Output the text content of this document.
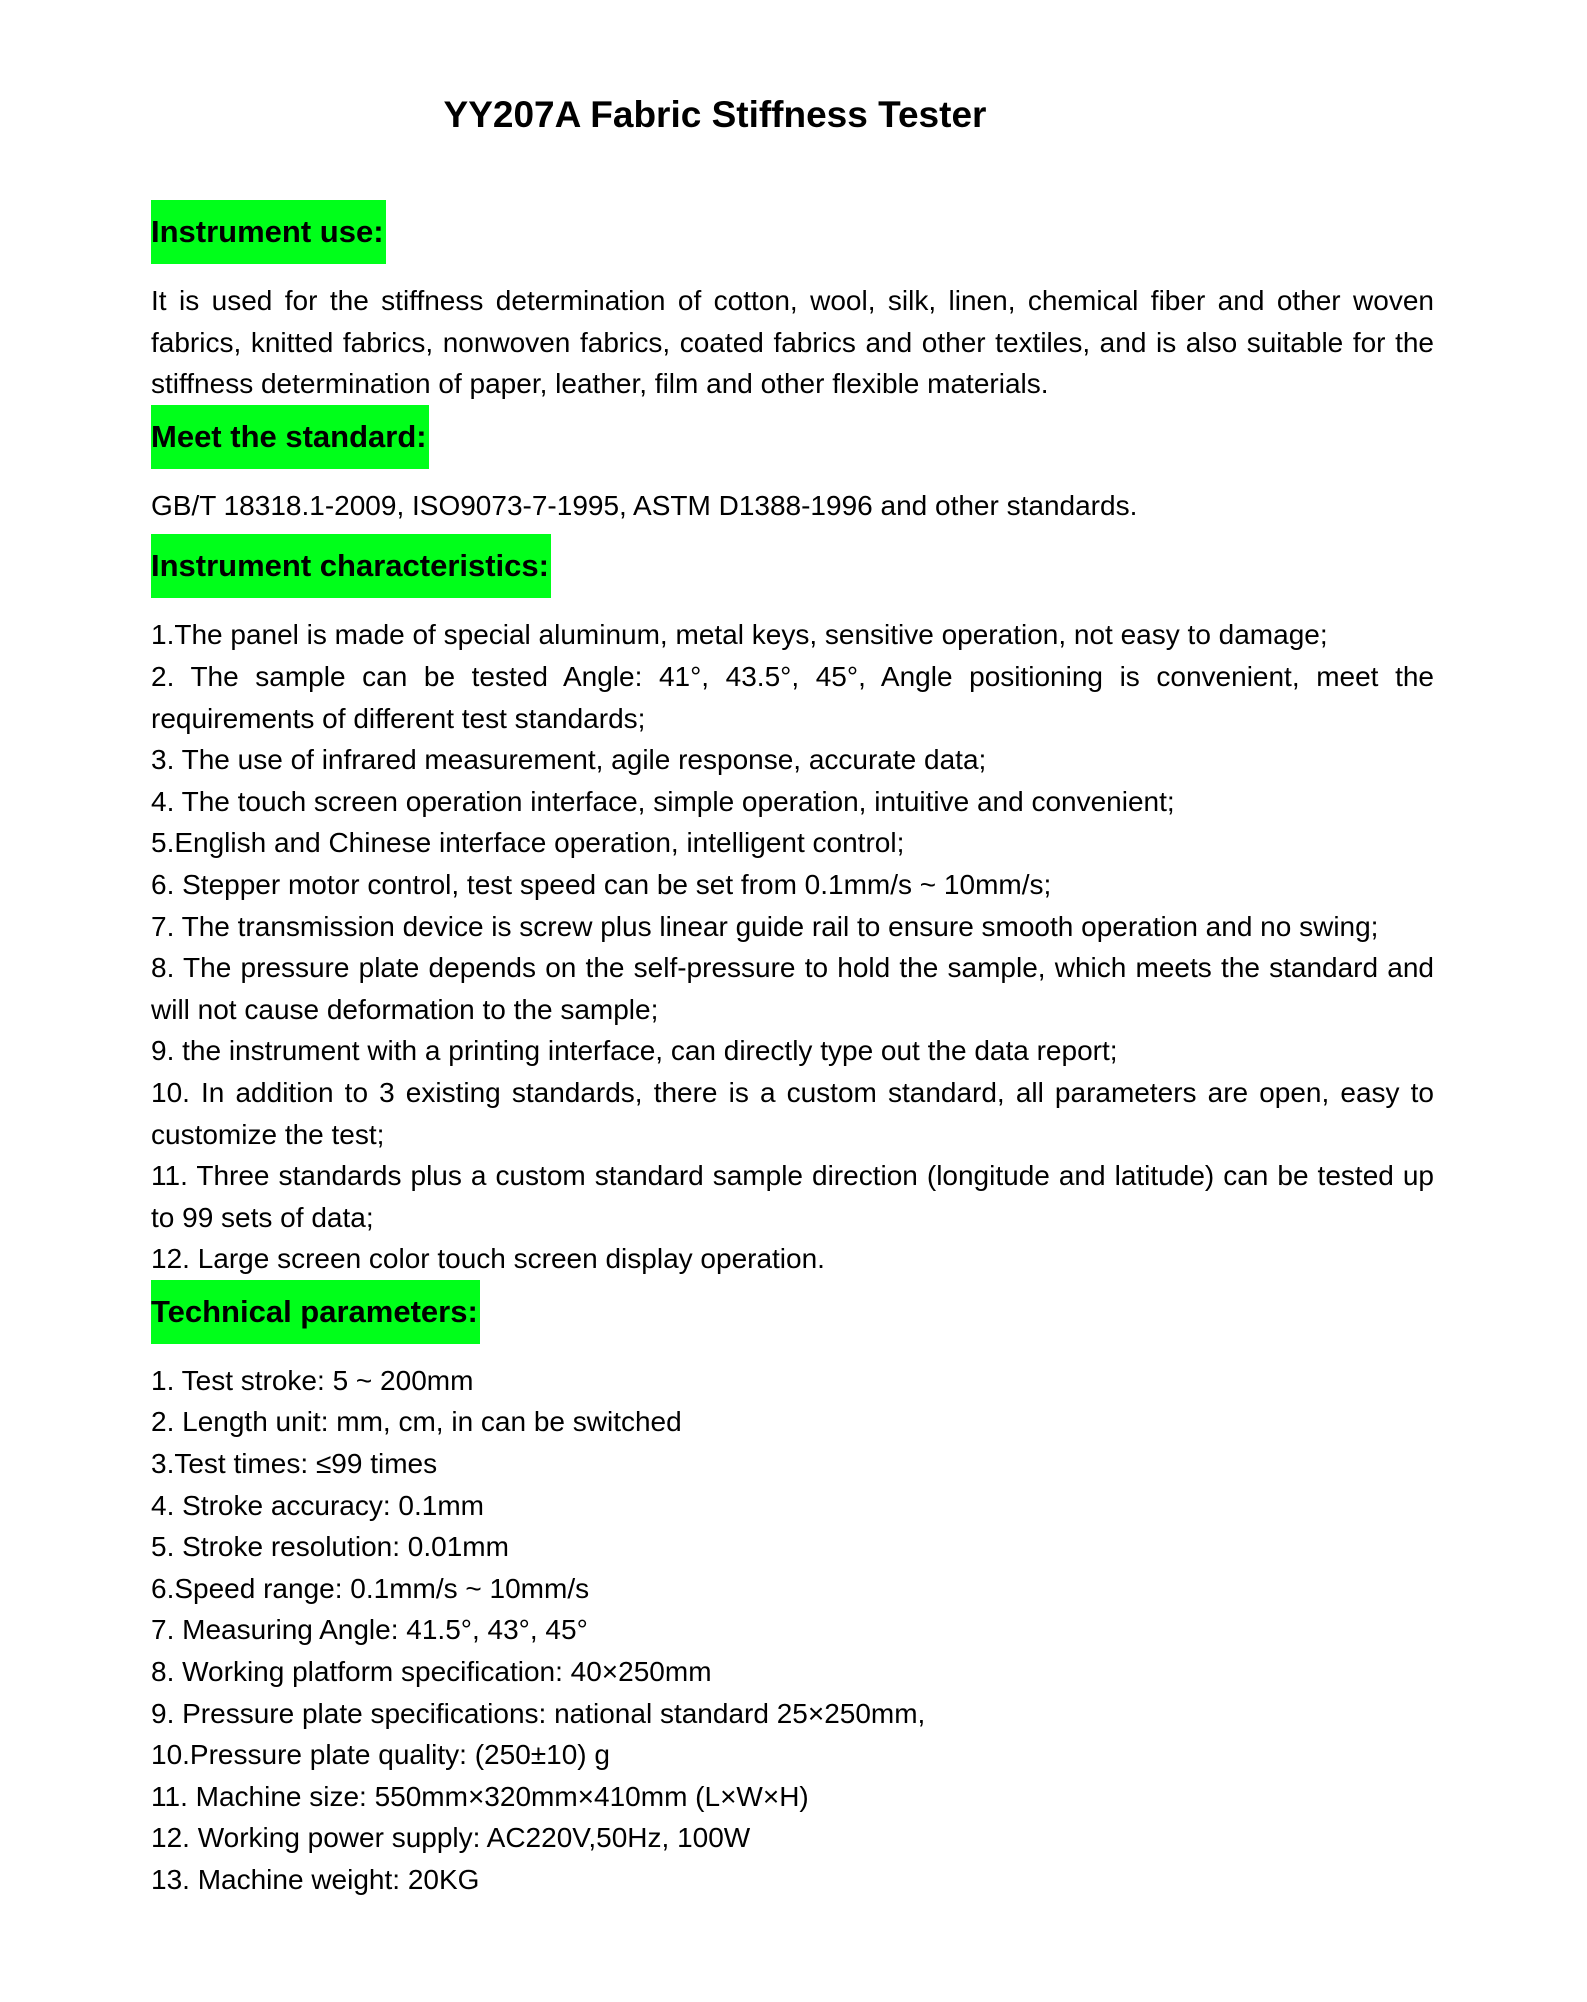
YY207A Fabric Stiffness Tester
Instrument use:

It is used for the stiffness determination of cotton, wool, silk, linen, chemical fiber and other woven fabrics, knitted fabrics, nonwoven fabrics, coated fabrics and other textiles, and is also suitable for the stiffness determination of paper, leather, film and other flexible materials.

Meet the standard:

GB/T 18318.1-2009, ISO9073-7-1995, ASTM D1388-1996 and other standards.

Instrument characteristics:
1.The panel is made of special aluminum, metal keys, sensitive operation, not easy to damage;
2. The sample can be tested Angle: 41°, 43.5°, 45°, Angle positioning is convenient, meet the requirements of different test standards;
3. The use of infrared measurement, agile response, accurate data;
4. The touch screen operation interface, simple operation, intuitive and convenient;
5.English and Chinese interface operation, intelligent control;
6. Stepper motor control, test speed can be set from 0.1mm/s ~ 10mm/s;
7. The transmission device is screw plus linear guide rail to ensure smooth operation and no swing;
8. The pressure plate depends on the self-pressure to hold the sample, which meets the standard and will not cause deformation to the sample;
9. the instrument with a printing interface, can directly type out the data report;
10. In addition to 3 existing standards, there is a custom standard, all parameters are open, easy to customize the test;
11. Three standards plus a custom standard sample direction (longitude and latitude) can be tested up to 99 sets of data;
12. Large screen color touch screen display operation.
Technical parameters:
1. Test stroke: 5 ~ 200mm
2. Length unit: mm, cm, in can be switched
3.Test times: ≤99 times
4. Stroke accuracy: 0.1mm
5. Stroke resolution: 0.01mm
6.Speed range: 0.1mm/s ~ 10mm/s
7. Measuring Angle: 41.5°, 43°, 45°
8. Working platform specification: 40×250mm
9. Pressure plate specifications: national standard 25×250mm,
10.Pressure plate quality: (250±10) g
11. Machine size: 550mm×320mm×410mm (L×W×H)
12. Working power supply: AC220V,50Hz, 100W
13. Machine weight: 20KG
